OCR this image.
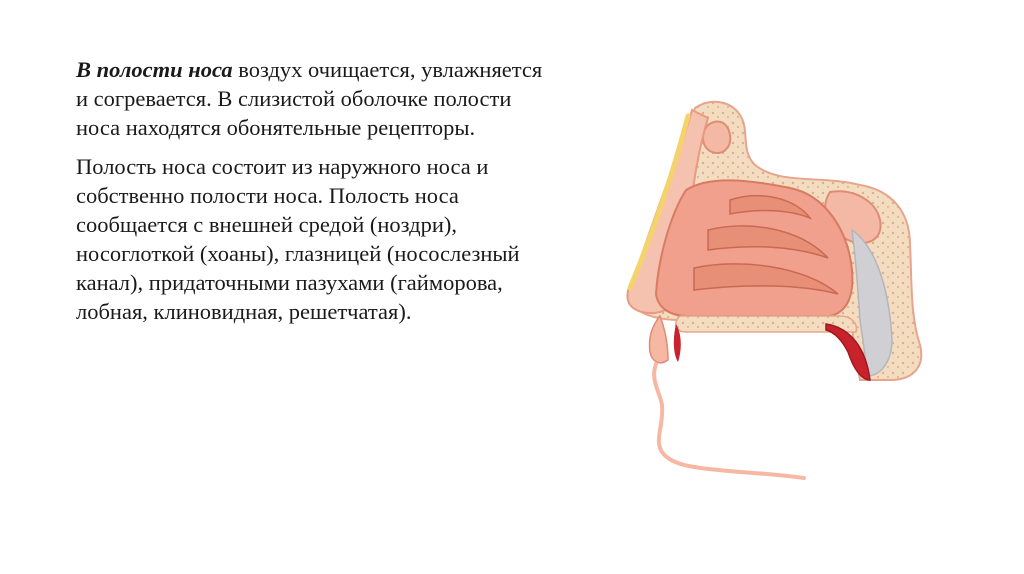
В полости носа воздух очищается, увлажняется и согревается. В слизистой оболочке полости носа находятся обонятельные рецепторы.

Полость носа состоит из наружного носа и собственно полости носа. Полость носа сообщается с внешней средой (ноздри), носоглоткой (хоаны), глазницей (носослезный канал), придаточными пазухами (гайморова, лобная, клиновидная, решетчатая).
